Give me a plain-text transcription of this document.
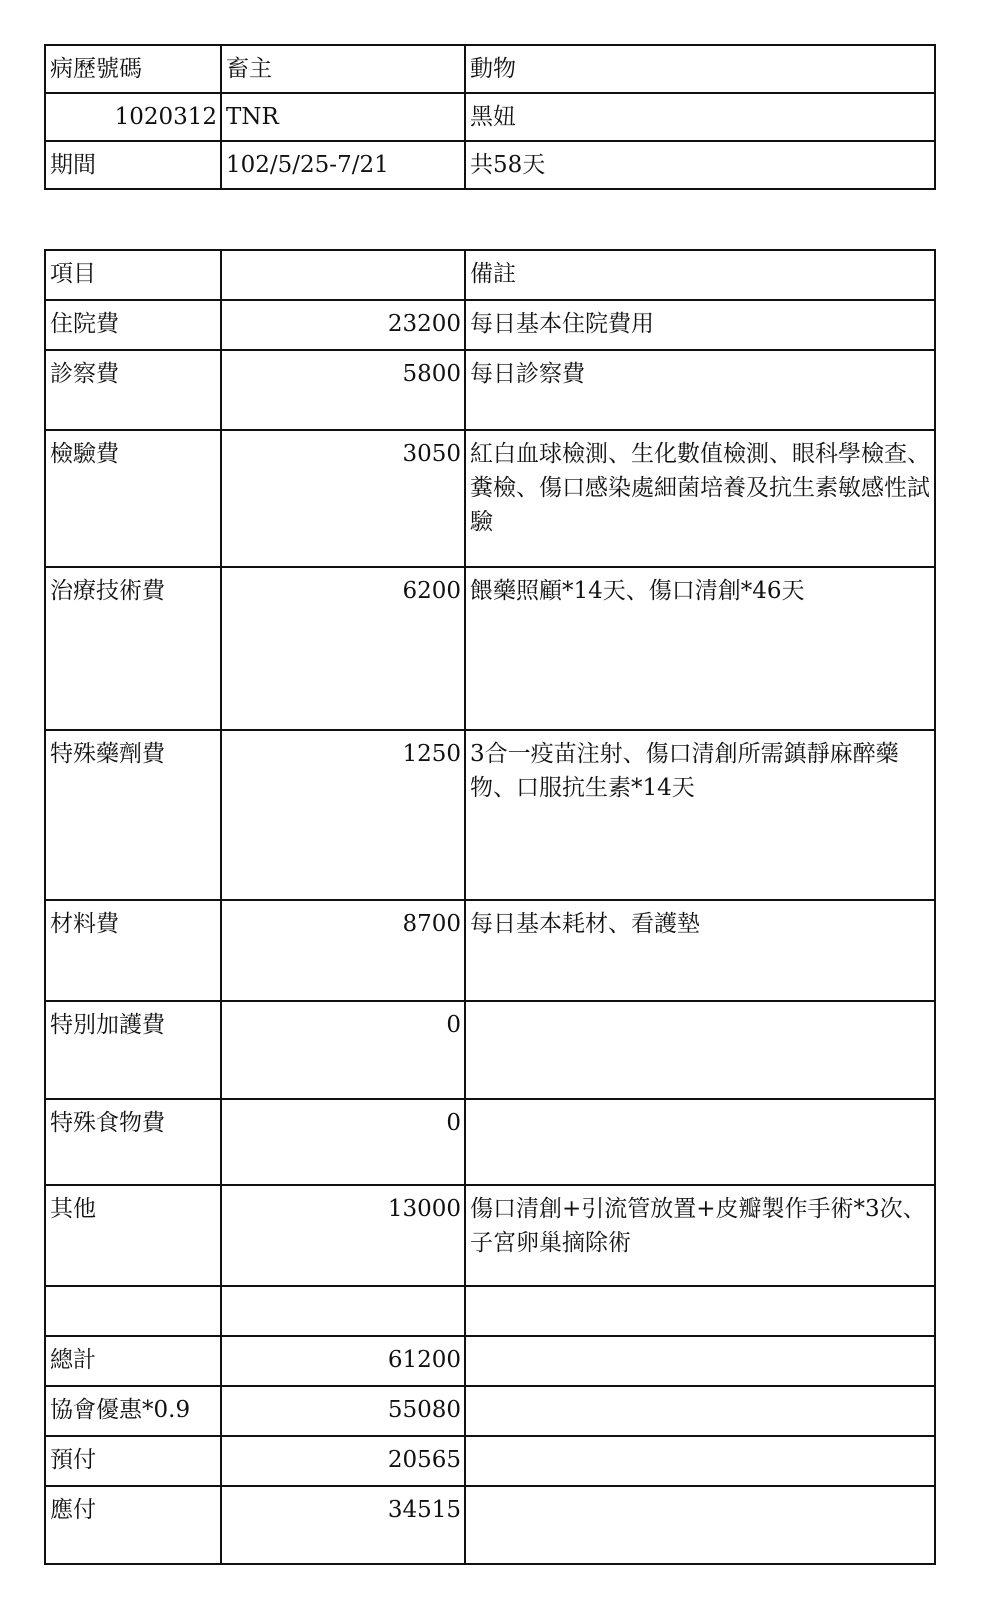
病歷號碼	畜主	動物
1020312	TNR	黑妞
期間	102/5/25-7/21	共58天
項目		備註
住院費	23200	每日基本住院費用
診察費	5800	每日診察費
檢驗費	3050	紅白血球檢測、生化數值檢測、眼科學檢查、糞檢、傷口感染處細菌培養及抗生素敏感性試驗
治療技術費	6200	餵藥照顧*14天、傷口清創*46天
特殊藥劑費	1250	3合一疫苗注射、傷口清創所需鎮靜麻醉藥物、口服抗生素*14天
材料費	8700	每日基本耗材、看護墊
特別加護費	0	
特殊食物費	0	
其他	13000	傷口清創+引流管放置+皮瓣製作手術*3次、子宮卵巢摘除術

總計	61200	
協會優惠*0.9	55080	
預付	20565	
應付	34515	
